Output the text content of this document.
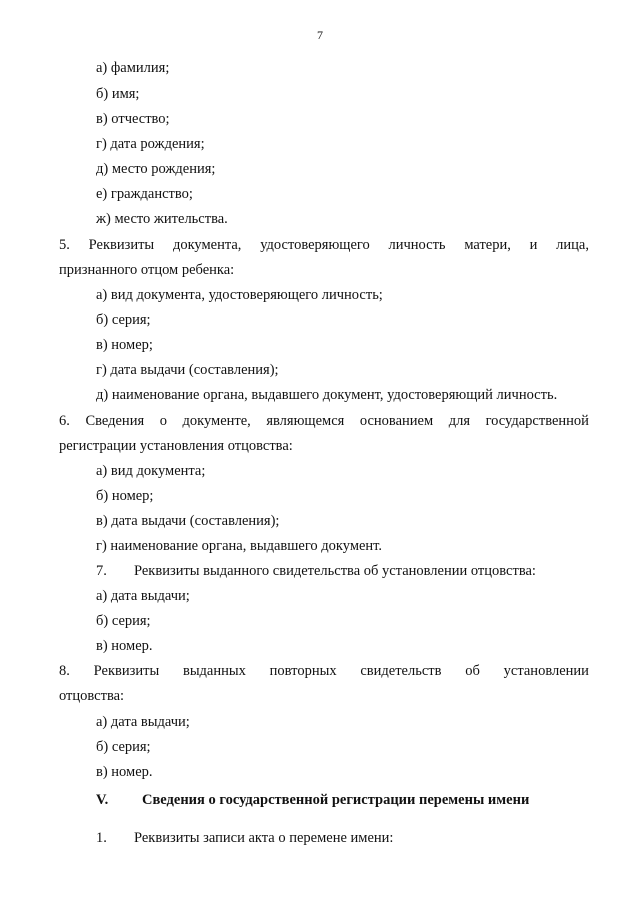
7
а) фамилия;
б) имя;
в) отчество;
г) дата рождения;
д) место рождения;
е) гражданство;
ж) место жительства.
5. Реквизиты документа, удостоверяющего личность матери, и лица,
признанного отцом ребенка:
а) вид документа, удостоверяющего личность;
б) серия;
в) номер;
г) дата выдачи (составления);
д) наименование органа, выдавшего документ, удостоверяющий личность.
6. Сведения о документе, являющемся основанием для государственной
регистрации установления отцовства:
а) вид документа;
б) номер;
в) дата выдачи (составления);
г) наименование органа, выдавшего документ.
7. Реквизиты выданного свидетельства об установлении отцовства:
а) дата выдачи;
б) серия;
в) номер.
8. Реквизиты выданных повторных свидетельств об установлении
отцовства:
а) дата выдачи;
б) серия;
в) номер.
V. Сведения о государственной регистрации перемены имени
1. Реквизиты записи акта о перемене имени:
